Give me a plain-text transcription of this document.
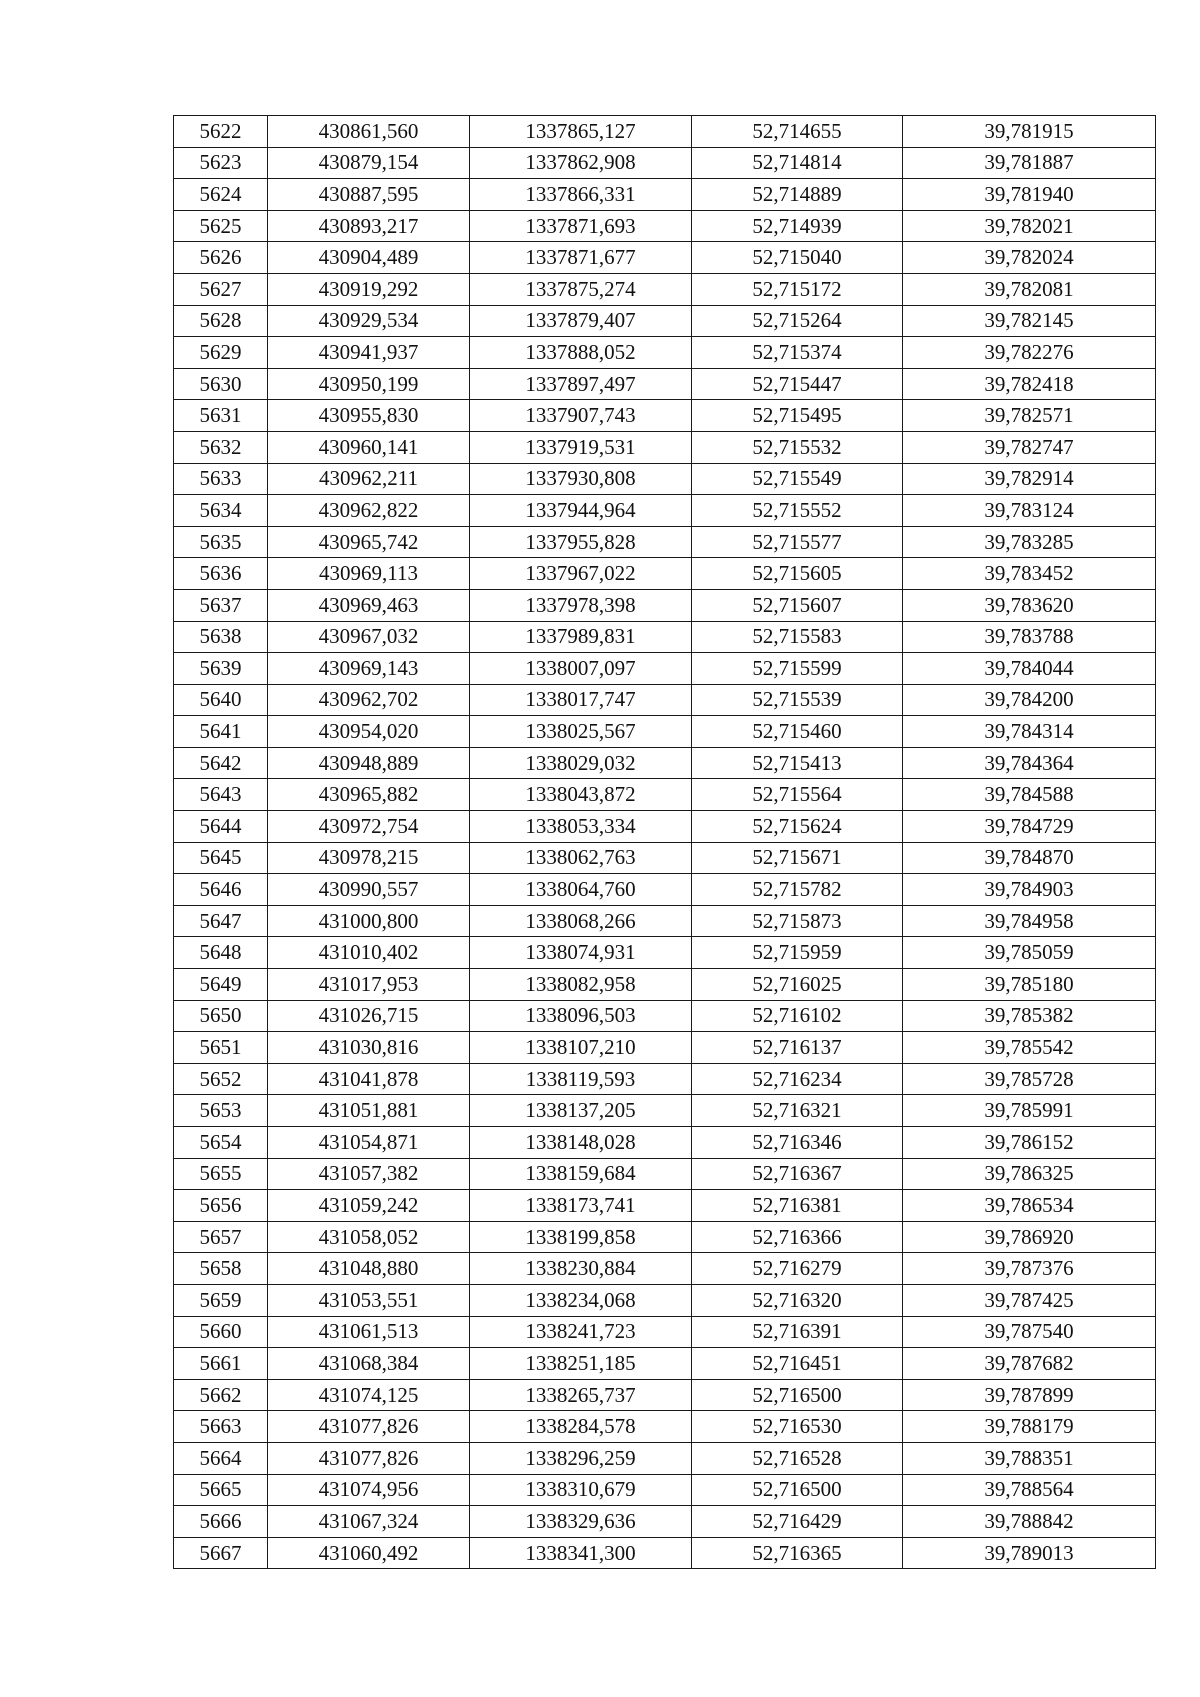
5622	430861,560	1337865,127	52,714655	39,781915
5623	430879,154	1337862,908	52,714814	39,781887
5624	430887,595	1337866,331	52,714889	39,781940
5625	430893,217	1337871,693	52,714939	39,782021
5626	430904,489	1337871,677	52,715040	39,782024
5627	430919,292	1337875,274	52,715172	39,782081
5628	430929,534	1337879,407	52,715264	39,782145
5629	430941,937	1337888,052	52,715374	39,782276
5630	430950,199	1337897,497	52,715447	39,782418
5631	430955,830	1337907,743	52,715495	39,782571
5632	430960,141	1337919,531	52,715532	39,782747
5633	430962,211	1337930,808	52,715549	39,782914
5634	430962,822	1337944,964	52,715552	39,783124
5635	430965,742	1337955,828	52,715577	39,783285
5636	430969,113	1337967,022	52,715605	39,783452
5637	430969,463	1337978,398	52,715607	39,783620
5638	430967,032	1337989,831	52,715583	39,783788
5639	430969,143	1338007,097	52,715599	39,784044
5640	430962,702	1338017,747	52,715539	39,784200
5641	430954,020	1338025,567	52,715460	39,784314
5642	430948,889	1338029,032	52,715413	39,784364
5643	430965,882	1338043,872	52,715564	39,784588
5644	430972,754	1338053,334	52,715624	39,784729
5645	430978,215	1338062,763	52,715671	39,784870
5646	430990,557	1338064,760	52,715782	39,784903
5647	431000,800	1338068,266	52,715873	39,784958
5648	431010,402	1338074,931	52,715959	39,785059
5649	431017,953	1338082,958	52,716025	39,785180
5650	431026,715	1338096,503	52,716102	39,785382
5651	431030,816	1338107,210	52,716137	39,785542
5652	431041,878	1338119,593	52,716234	39,785728
5653	431051,881	1338137,205	52,716321	39,785991
5654	431054,871	1338148,028	52,716346	39,786152
5655	431057,382	1338159,684	52,716367	39,786325
5656	431059,242	1338173,741	52,716381	39,786534
5657	431058,052	1338199,858	52,716366	39,786920
5658	431048,880	1338230,884	52,716279	39,787376
5659	431053,551	1338234,068	52,716320	39,787425
5660	431061,513	1338241,723	52,716391	39,787540
5661	431068,384	1338251,185	52,716451	39,787682
5662	431074,125	1338265,737	52,716500	39,787899
5663	431077,826	1338284,578	52,716530	39,788179
5664	431077,826	1338296,259	52,716528	39,788351
5665	431074,956	1338310,679	52,716500	39,788564
5666	431067,324	1338329,636	52,716429	39,788842
5667	431060,492	1338341,300	52,716365	39,789013
